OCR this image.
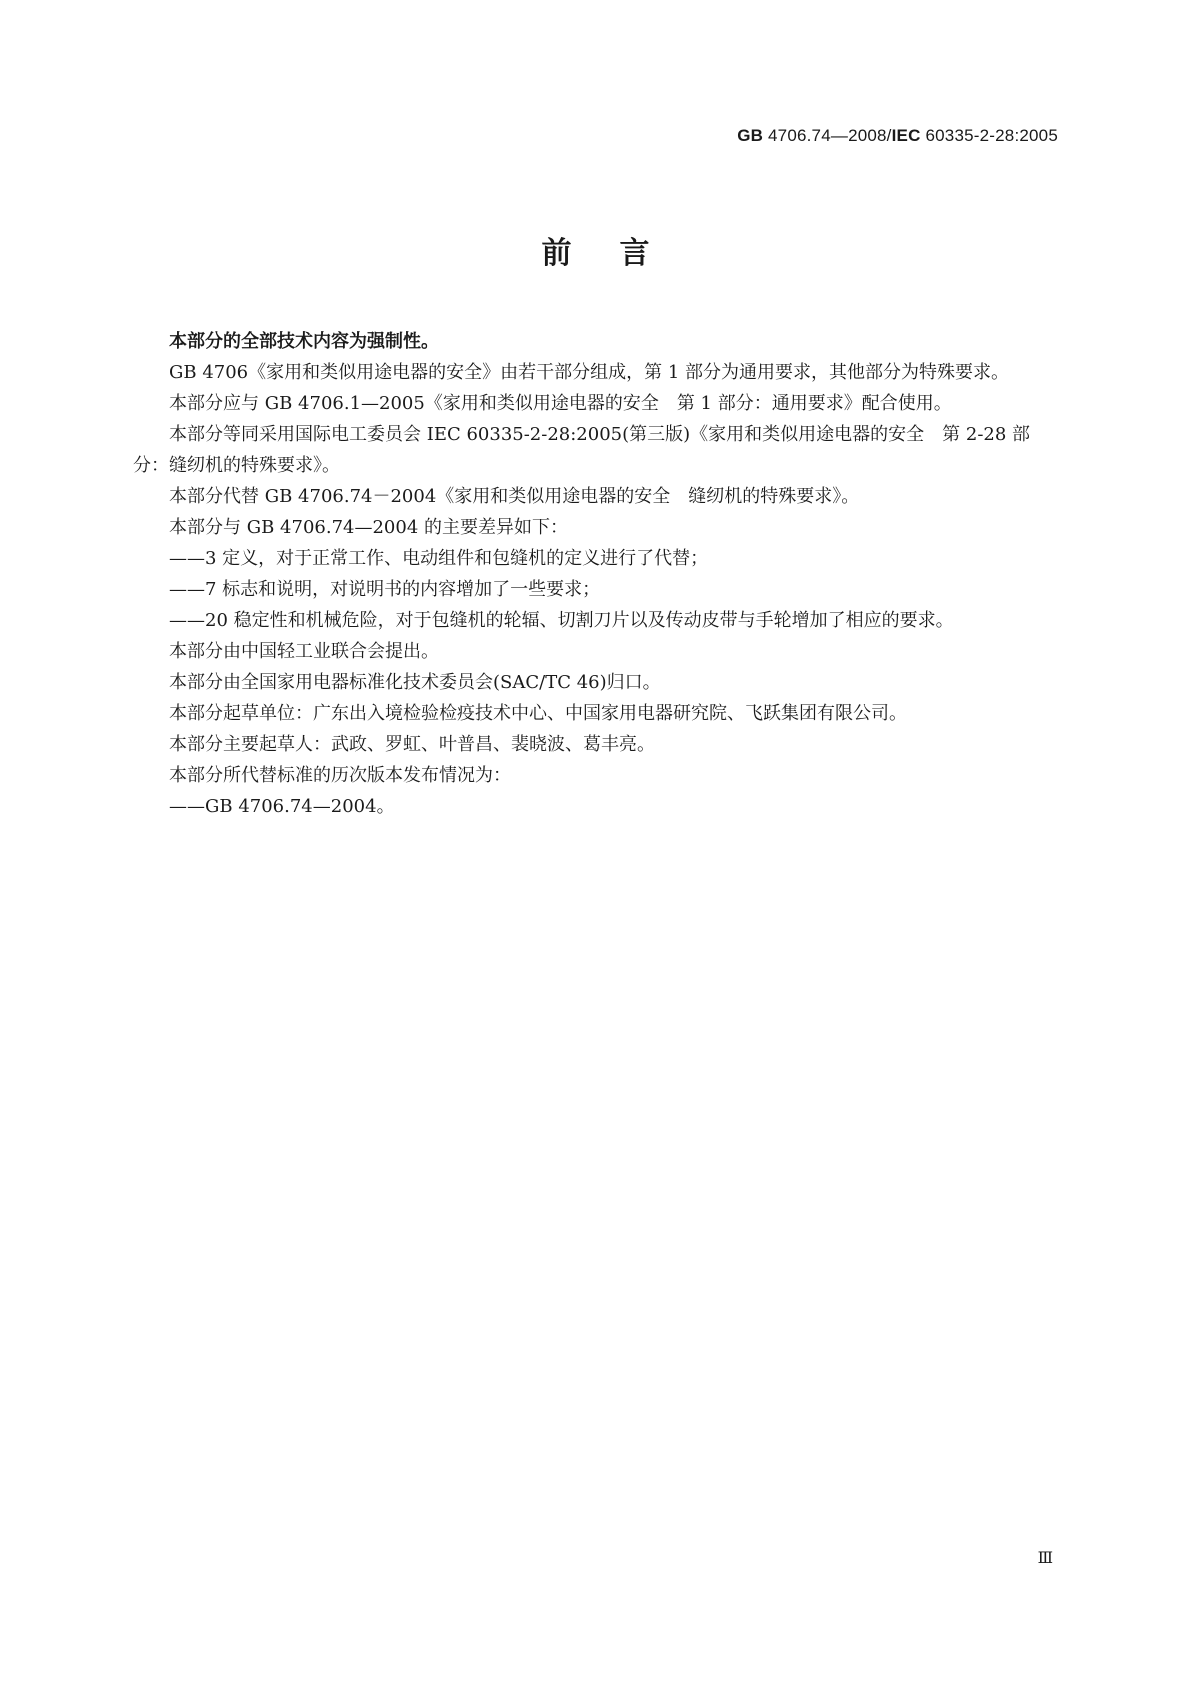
GB 4706.74—2008/IEC 60335-2-28:2005
前言

本部分的全部技术内容为强制性。

GB 4706《家用和类似用途电器的安全》由若干部分组成，第 1 部分为通用要求，其他部分为特殊要求。

本部分应与 GB 4706.1—2005《家用和类似用途电器的安全　第 1 部分：通用要求》配合使用。

本部分等同采用国际电工委员会 IEC 60335-2-28:2005(第三版)《家用和类似用途电器的安全　第 2-28 部分：缝纫机的特殊要求》。

本部分代替 GB 4706.74－2004《家用和类似用途电器的安全　缝纫机的特殊要求》。

本部分与 GB 4706.74—2004 的主要差异如下：

——3 定义，对于正常工作、电动组件和包缝机的定义进行了代替；

——7 标志和说明，对说明书的内容增加了一些要求；

——20 稳定性和机械危险，对于包缝机的轮辐、切割刀片以及传动皮带与手轮增加了相应的要求。

本部分由中国轻工业联合会提出。

本部分由全国家用电器标准化技术委员会(SAC/TC 46)归口。

本部分起草单位：广东出入境检验检疫技术中心、中国家用电器研究院、飞跃集团有限公司。

本部分主要起草人：武政、罗虹、叶普昌、裴晓波、葛丰亮。

本部分所代替标准的历次版本发布情况为：

——GB 4706.74—2004。

Ⅲ
